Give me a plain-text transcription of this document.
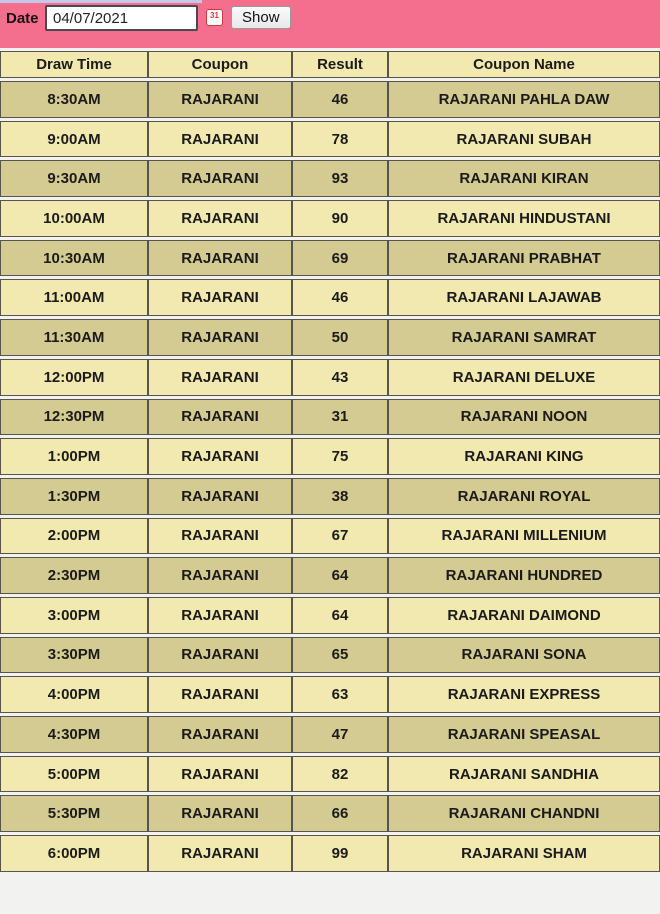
Date
04/07/2021	31	Show
Draw Time	Coupon	Result	Coupon Name
8:30AM	RAJARANI	46	RAJARANI PAHLA DAW
9:00AM	RAJARANI	78	RAJARANI SUBAH
9:30AM	RAJARANI	93	RAJARANI KIRAN
10:00AM	RAJARANI	90	RAJARANI HINDUSTANI
10:30AM	RAJARANI	69	RAJARANI PRABHAT
11:00AM	RAJARANI	46	RAJARANI LAJAWAB
11:30AM	RAJARANI	50	RAJARANI SAMRAT
12:00PM	RAJARANI	43	RAJARANI DELUXE
12:30PM	RAJARANI	31	RAJARANI NOON
1:00PM	RAJARANI	75	RAJARANI KING
1:30PM	RAJARANI	38	RAJARANI ROYAL
2:00PM	RAJARANI	67	RAJARANI MILLENIUM
2:30PM	RAJARANI	64	RAJARANI HUNDRED
3:00PM	RAJARANI	64	RAJARANI DAIMOND
3:30PM	RAJARANI	65	RAJARANI SONA
4:00PM	RAJARANI	63	RAJARANI EXPRESS
4:30PM	RAJARANI	47	RAJARANI SPEASAL
5:00PM	RAJARANI	82	RAJARANI SANDHIA
5:30PM	RAJARANI	66	RAJARANI CHANDNI
6:00PM	RAJARANI	99	RAJARANI SHAM
